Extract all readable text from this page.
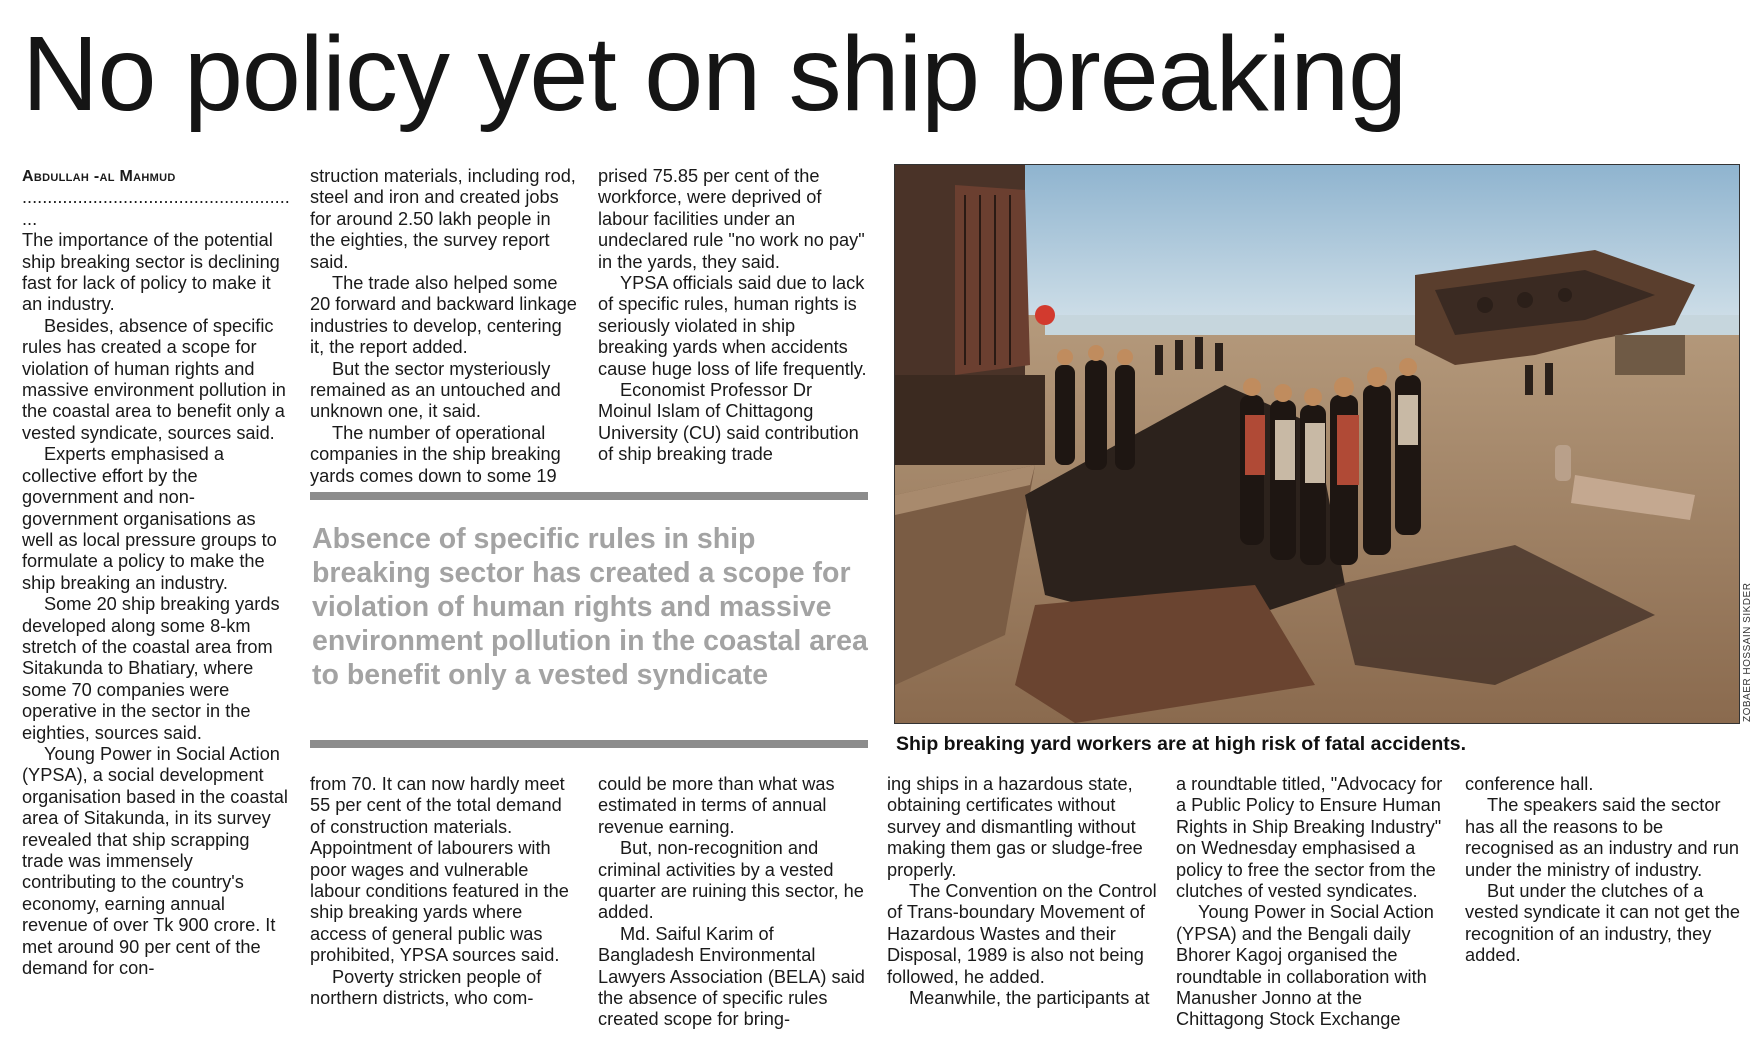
No policy yet on ship breaking
Abdullah -al Mahmud
.....................................................
...

The importance of the potential ship breaking sector is declining fast for lack of policy to make it an industry.

Besides, absence of specific rules has created a scope for violation of human rights and massive environment pollution in the coastal area to benefit only a vested syndicate, sources said.

Experts emphasised a collective effort by the government and non-government organisations as well as local pressure groups to formulate a policy to make the ship breaking an industry.

Some 20 ship breaking yards developed along some 8-km stretch of the coastal area from Sitakunda to Bhatiary, where some 70 companies were operative in the sector in the eighties, sources said.

Young Power in Social Action (YPSA), a social development organisation based in the coastal area of Sitakunda, in its survey revealed that ship scrapping trade was immensely contributing to the country's economy, earning annual revenue of over Tk 900 crore. It met around 90 per cent of the demand for con-

struction materials, including rod, steel and iron and created jobs for around 2.50 lakh people in the eighties, the survey report said.

The trade also helped some 20 forward and backward linkage industries to develop, centering it, the report added.

But the sector mysteriously remained as an untouched and unknown one, it said.

The number of operational companies in the ship breaking yards comes down to some 19

prised 75.85 per cent of the workforce, were deprived of labour facilities under an undeclared rule "no work no pay" in the yards, they said.

YPSA officials said due to lack of specific rules, human rights is seriously violated in ship breaking yards when accidents cause huge loss of life frequently.

Economist Professor Dr Moinul Islam of Chittagong University (CU) said contribution of ship breaking trade

Absence of specific rules in ship breaking sector has created a scope for violation of human rights and massive environment pollution in the coastal area to benefit only a vested syndicate	ZOBAER HOSSAIN SIKDER

Ship breaking yard workers are at high risk of fatal accidents.

from 70. It can now hardly meet 55 per cent of the total demand of construction materials. Appointment of labourers with poor wages and vulnerable labour conditions featured in the ship breaking yards where access of general public was prohibited, YPSA sources said.

Poverty stricken people of northern districts, who com-

could be more than what was estimated in terms of annual revenue earning.

But, non-recognition and criminal activities by a vested quarter are ruining this sector, he added.

Md. Saiful Karim of Bangladesh Environmental Lawyers Association (BELA) said the absence of specific rules created scope for bring-

ing ships in a hazardous state, obtaining certificates without survey and dismantling without making them gas or sludge-free properly.

The Convention on the Control of Trans-boundary Movement of Hazardous Wastes and their Disposal, 1989 is also not being followed, he added.

Meanwhile, the participants at

a roundtable titled, "Advocacy for a Public Policy to Ensure Human Rights in Ship Breaking Industry" on Wednesday emphasised a policy to free the sector from the clutches of vested syndicates.

Young Power in Social Action (YPSA) and the Bengali daily Bhorer Kagoj organised the roundtable in collaboration with Manusher Jonno at the Chittagong Stock Exchange

conference hall.

The speakers said the sector has all the reasons to be recognised as an industry and run under the ministry of industry.

But under the clutches of a vested syndicate it can not get the recognition of an industry, they added.
